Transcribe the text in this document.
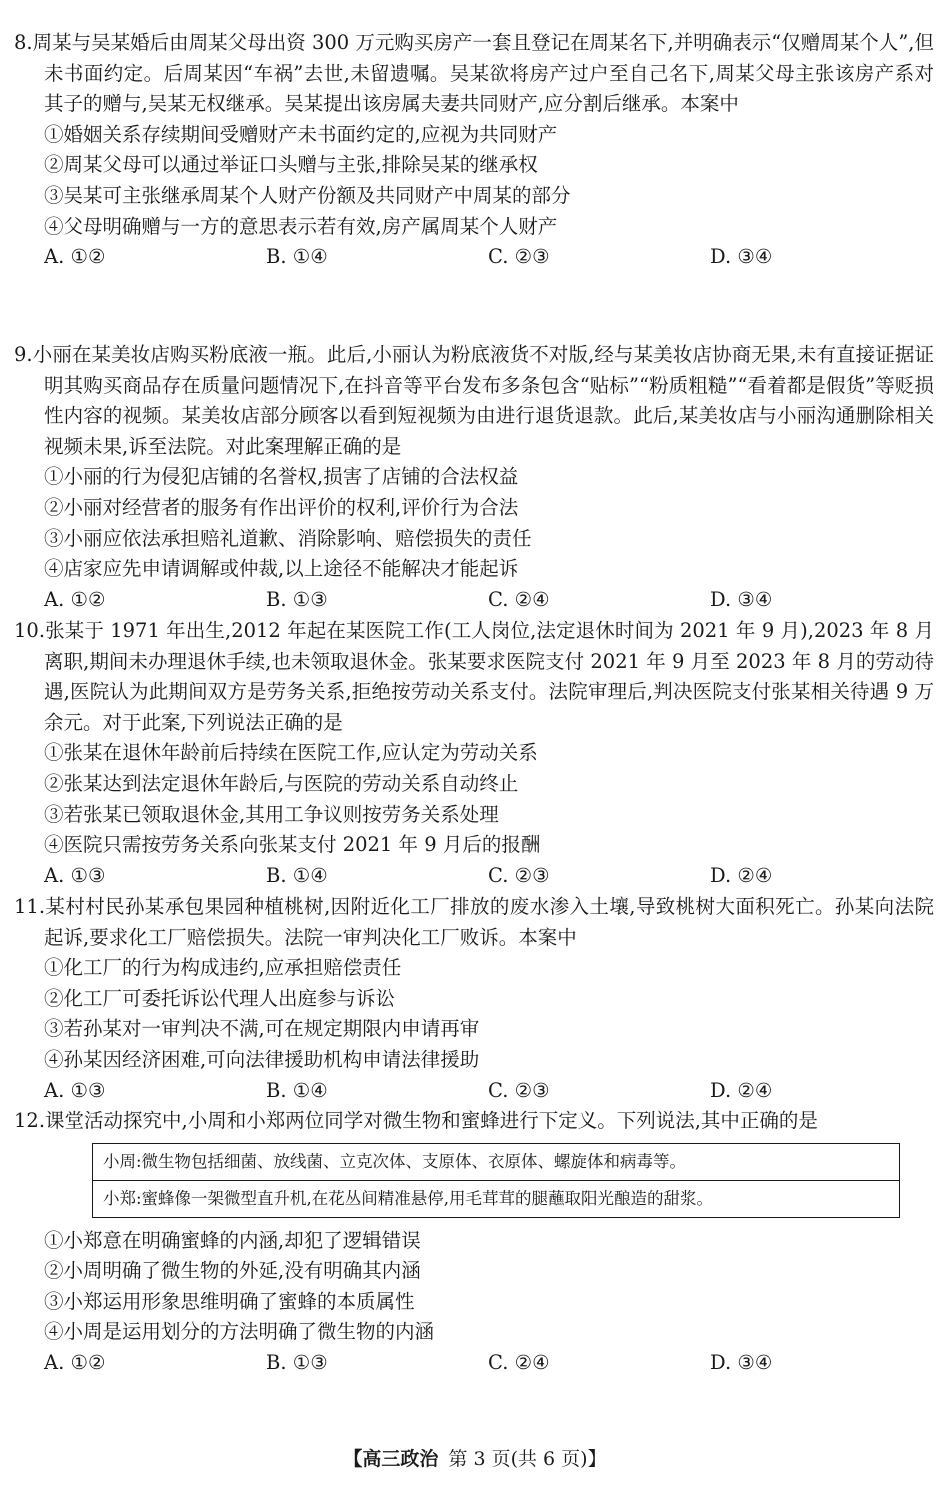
8.周某与吴某婚后由周某父母出资 300 万元购买房产一套且登记在周某名下,并明确表示“仅赠周某个人”,但未书面约定。后周某因“车祸”去世,未留遗嘱。吴某欲将房产过户至自己名下,周某父母主张该房产系对其子的赠与,吴某无权继承。吴某提出该房属夫妻共同财产,应分割后继承。本案中

①婚姻关系存续期间受赠财产未书面约定的,应视为共同财产
②周某父母可以通过举证口头赠与主张,排除吴某的继承权
③吴某可主张继承周某个人财产份额及共同财产中周某的部分
④父母明确赠与一方的意思表示若有效,房产属周某个人财产
A. ①②	B. ①④	C. ②③	D. ③④

9.小丽在某美妆店购买粉底液一瓶。此后,小丽认为粉底液货不对版,经与某美妆店协商无果,未有直接证据证明其购买商品存在质量问题情况下,在抖音等平台发布多条包含“贴标”“粉质粗糙”“看着都是假货”等贬损性内容的视频。某美妆店部分顾客以看到短视频为由进行退货退款。此后,某美妆店与小丽沟通删除相关视频未果,诉至法院。对此案理解正确的是

①小丽的行为侵犯店铺的名誉权,损害了店铺的合法权益
②小丽对经营者的服务有作出评价的权利,评价行为合法
③小丽应依法承担赔礼道歉、消除影响、赔偿损失的责任
④店家应先申请调解或仲裁,以上途径不能解决才能起诉
A. ①②	B. ①③	C. ②④	D. ③④

10.张某于 1971 年出生,2012 年起在某医院工作(工人岗位,法定退休时间为 2021 年 9 月),2023 年 8 月离职,期间未办理退休手续,也未领取退休金。张某要求医院支付 2021 年 9 月至 2023 年 8 月的劳动待遇,医院认为此期间双方是劳务关系,拒绝按劳动关系支付。法院审理后,判决医院支付张某相关待遇 9 万余元。对于此案,下列说法正确的是

①张某在退休年龄前后持续在医院工作,应认定为劳动关系
②张某达到法定退休年龄后,与医院的劳动关系自动终止
③若张某已领取退休金,其用工争议则按劳务关系处理
④医院只需按劳务关系向张某支付 2021 年 9 月后的报酬
A. ①③	B. ①④	C. ②③	D. ②④

11.某村村民孙某承包果园种植桃树,因附近化工厂排放的废水渗入土壤,导致桃树大面积死亡。孙某向法院起诉,要求化工厂赔偿损失。法院一审判决化工厂败诉。本案中

①化工厂的行为构成违约,应承担赔偿责任
②化工厂可委托诉讼代理人出庭参与诉讼
③若孙某对一审判决不满,可在规定期限内申请再审
④孙某因经济困难,可向法律援助机构申请法律援助
A. ①③	B. ①④	C. ②③	D. ②④

12.课堂活动探究中,小周和小郑两位同学对微生物和蜜蜂进行下定义。下列说法,其中正确的是

小周:微生物包括细菌、放线菌、立克次体、支原体、衣原体、螺旋体和病毒等。
小郑:蜜蜂像一架微型直升机,在花丛间精准悬停,用毛茸茸的腿蘸取阳光酿造的甜浆。
①小郑意在明确蜜蜂的内涵,却犯了逻辑错误
②小周明确了微生物的外延,没有明确其内涵
③小郑运用形象思维明确了蜜蜂的本质属性
④小周是运用划分的方法明确了微生物的内涵
A. ①②	B. ①③	C. ②④	D. ③④
【高三政治 第 3 页(共 6 页)】
